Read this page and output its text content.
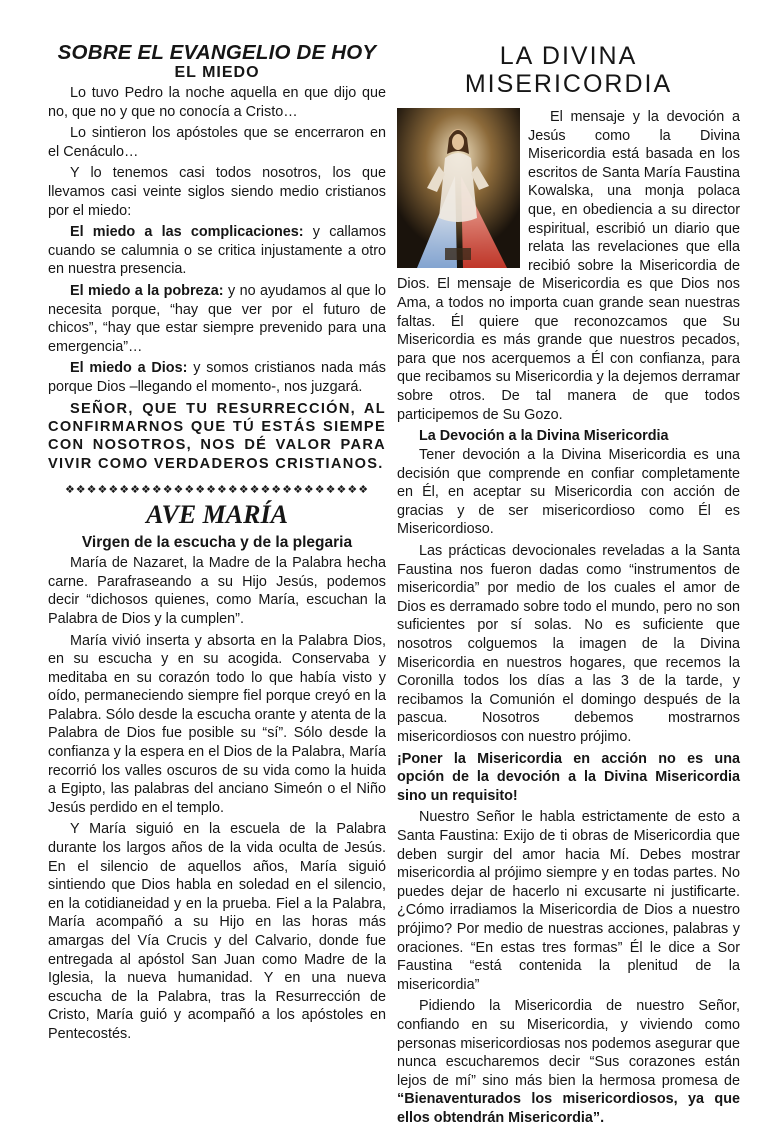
SOBRE EL EVANGELIO DE HOY
EL MIEDO

Lo tuvo Pedro la noche aquella en que dijo que no, que no y que no conocía a Cristo…

Lo sintieron los apóstoles que se encerraron en el Cenáculo…

Y lo tenemos casi todos nosotros, los que llevamos casi veinte siglos siendo medio cristianos por el miedo:

El miedo a las complicaciones: y callamos cuando se calumnia o se critica injustamente a otro en nuestra presencia.

El miedo a la pobreza: y no ayudamos al que lo necesita porque, “hay que ver por el futuro de chicos”, “hay que estar siempre prevenido para una emergencia”…

El miedo a Dios: y somos cristianos nada más porque Dios –llegando el momento-, nos juzgará.

SEÑOR, QUE TU RESURRECCIÓN, AL CONFIRMARNOS QUE TÚ ESTÁS SIEMPE CON NOSOTROS, NOS DÉ VALOR PARA VIVIR COMO VERDADEROS CRISTIANOS.

❖❖❖❖❖❖❖❖❖❖❖❖❖❖❖❖❖❖❖❖❖❖❖❖❖❖❖❖
AVE MARÍA
Virgen de la escucha y de la plegaria

María de Nazaret, la Madre de la Palabra hecha carne. Parafraseando a su Hijo Jesús, podemos decir “dichosos quienes, como María, escuchan la Palabra de Dios y la cumplen”.

María vivió inserta y absorta en la Palabra Dios, en su escucha y en su acogida. Conservaba y meditaba en su corazón todo lo que había visto y oído, permaneciendo siempre fiel porque creyó en la Palabra. Sólo desde la escucha orante y atenta de la Palabra de Dios fue posible su “sí”. Sólo desde la confianza y la espera en el Dios de la Palabra, María recorrió los valles oscuros de su vida como la huida a Egipto, las palabras del anciano Simeón o el Niño Jesús perdido en el templo.

Y María siguió en la escuela de la Palabra durante los largos años de la vida oculta de Jesús. En el silencio de aquellos años, María siguió sintiendo que Dios habla en soledad en el silencio, en la cotidianeidad y en la prueba. Fiel a la Palabra, María acompañó a su Hijo en las horas más amargas del Vía Crucis y del Calvario, donde fue entregada al apóstol San Juan como Madre de la Iglesia, la nueva humanidad. Y en una nueva escucha de la Palabra, tras la Resurrección de Cristo, María guió y acompañó a los apóstoles en Pentecostés.

LA DIVINA MISERICORDIA

El mensaje y la devoción a Jesús como la Divina Misericordia está basada en los escritos de Santa María Faustina Kowalska, una monja polaca que, en obediencia a su director espiritual, escribió un diario que relata las revelaciones que ella recibió sobre la Misericordia de Dios. El mensaje de Misericordia es que Dios nos Ama, a todos no importa cuan grande sean nuestras faltas. Él quiere que reconozcamos que Su Misericordia es más grande que nuestros pecados, para que nos acerquemos a Él con confianza, para que recibamos su Misericordia y la dejemos derramar sobre otros. De tal manera de que todos participemos de Su Gozo.

La Devoción a la Divina Misericordia

Tener devoción a la Divina Misericordia es una decisión que comprende en confiar completamente en Él, en aceptar su Misericordia con acción de gracias y de ser misericordioso como Él es Misericordioso.

Las prácticas devocionales reveladas a la Santa Faustina nos fueron dadas como “instrumentos de misericordia” por medio de los cuales el amor de Dios es derramado sobre todo el mundo, pero no son suficientes por sí solas. No es suficiente que nosotros colguemos la imagen de la Divina Misericordia en nuestros hogares, que recemos la Coronilla todos los días a las 3 de la tarde, y recibamos la Comunión el domingo después de la pascua. Nosotros debemos mostrarnos misericordiosos con nuestro prójimo.

¡Poner la Misericordia en acción no es una opción de la devoción a la Divina Misericordia sino un requisito!

Nuestro Señor le habla estrictamente de esto a Santa Faustina: Exijo de ti obras de Misericordia que deben surgir del amor hacia Mí. Debes mostrar misericordia al prójimo siempre y en todas partes. No puedes dejar de hacerlo ni excusarte ni justificarte. ¿Cómo irradiamos la Misericordia de Dios a nuestro prójimo? Por medio de nuestras acciones, palabras y oraciones. “En estas tres formas” Él le dice a Sor Faustina “está contenida la plenitud de la misericordia”

Pidiendo la Misericordia de nuestro Señor, confiando en su Misericordia, y viviendo como personas misericordiosas nos podemos asegurar que nunca escucharemos decir “Sus corazones están lejos de mí” sino más bien la hermosa promesa de “Bienaventurados los misericordiosos, ya que ellos obtendrán Misericordia”.
